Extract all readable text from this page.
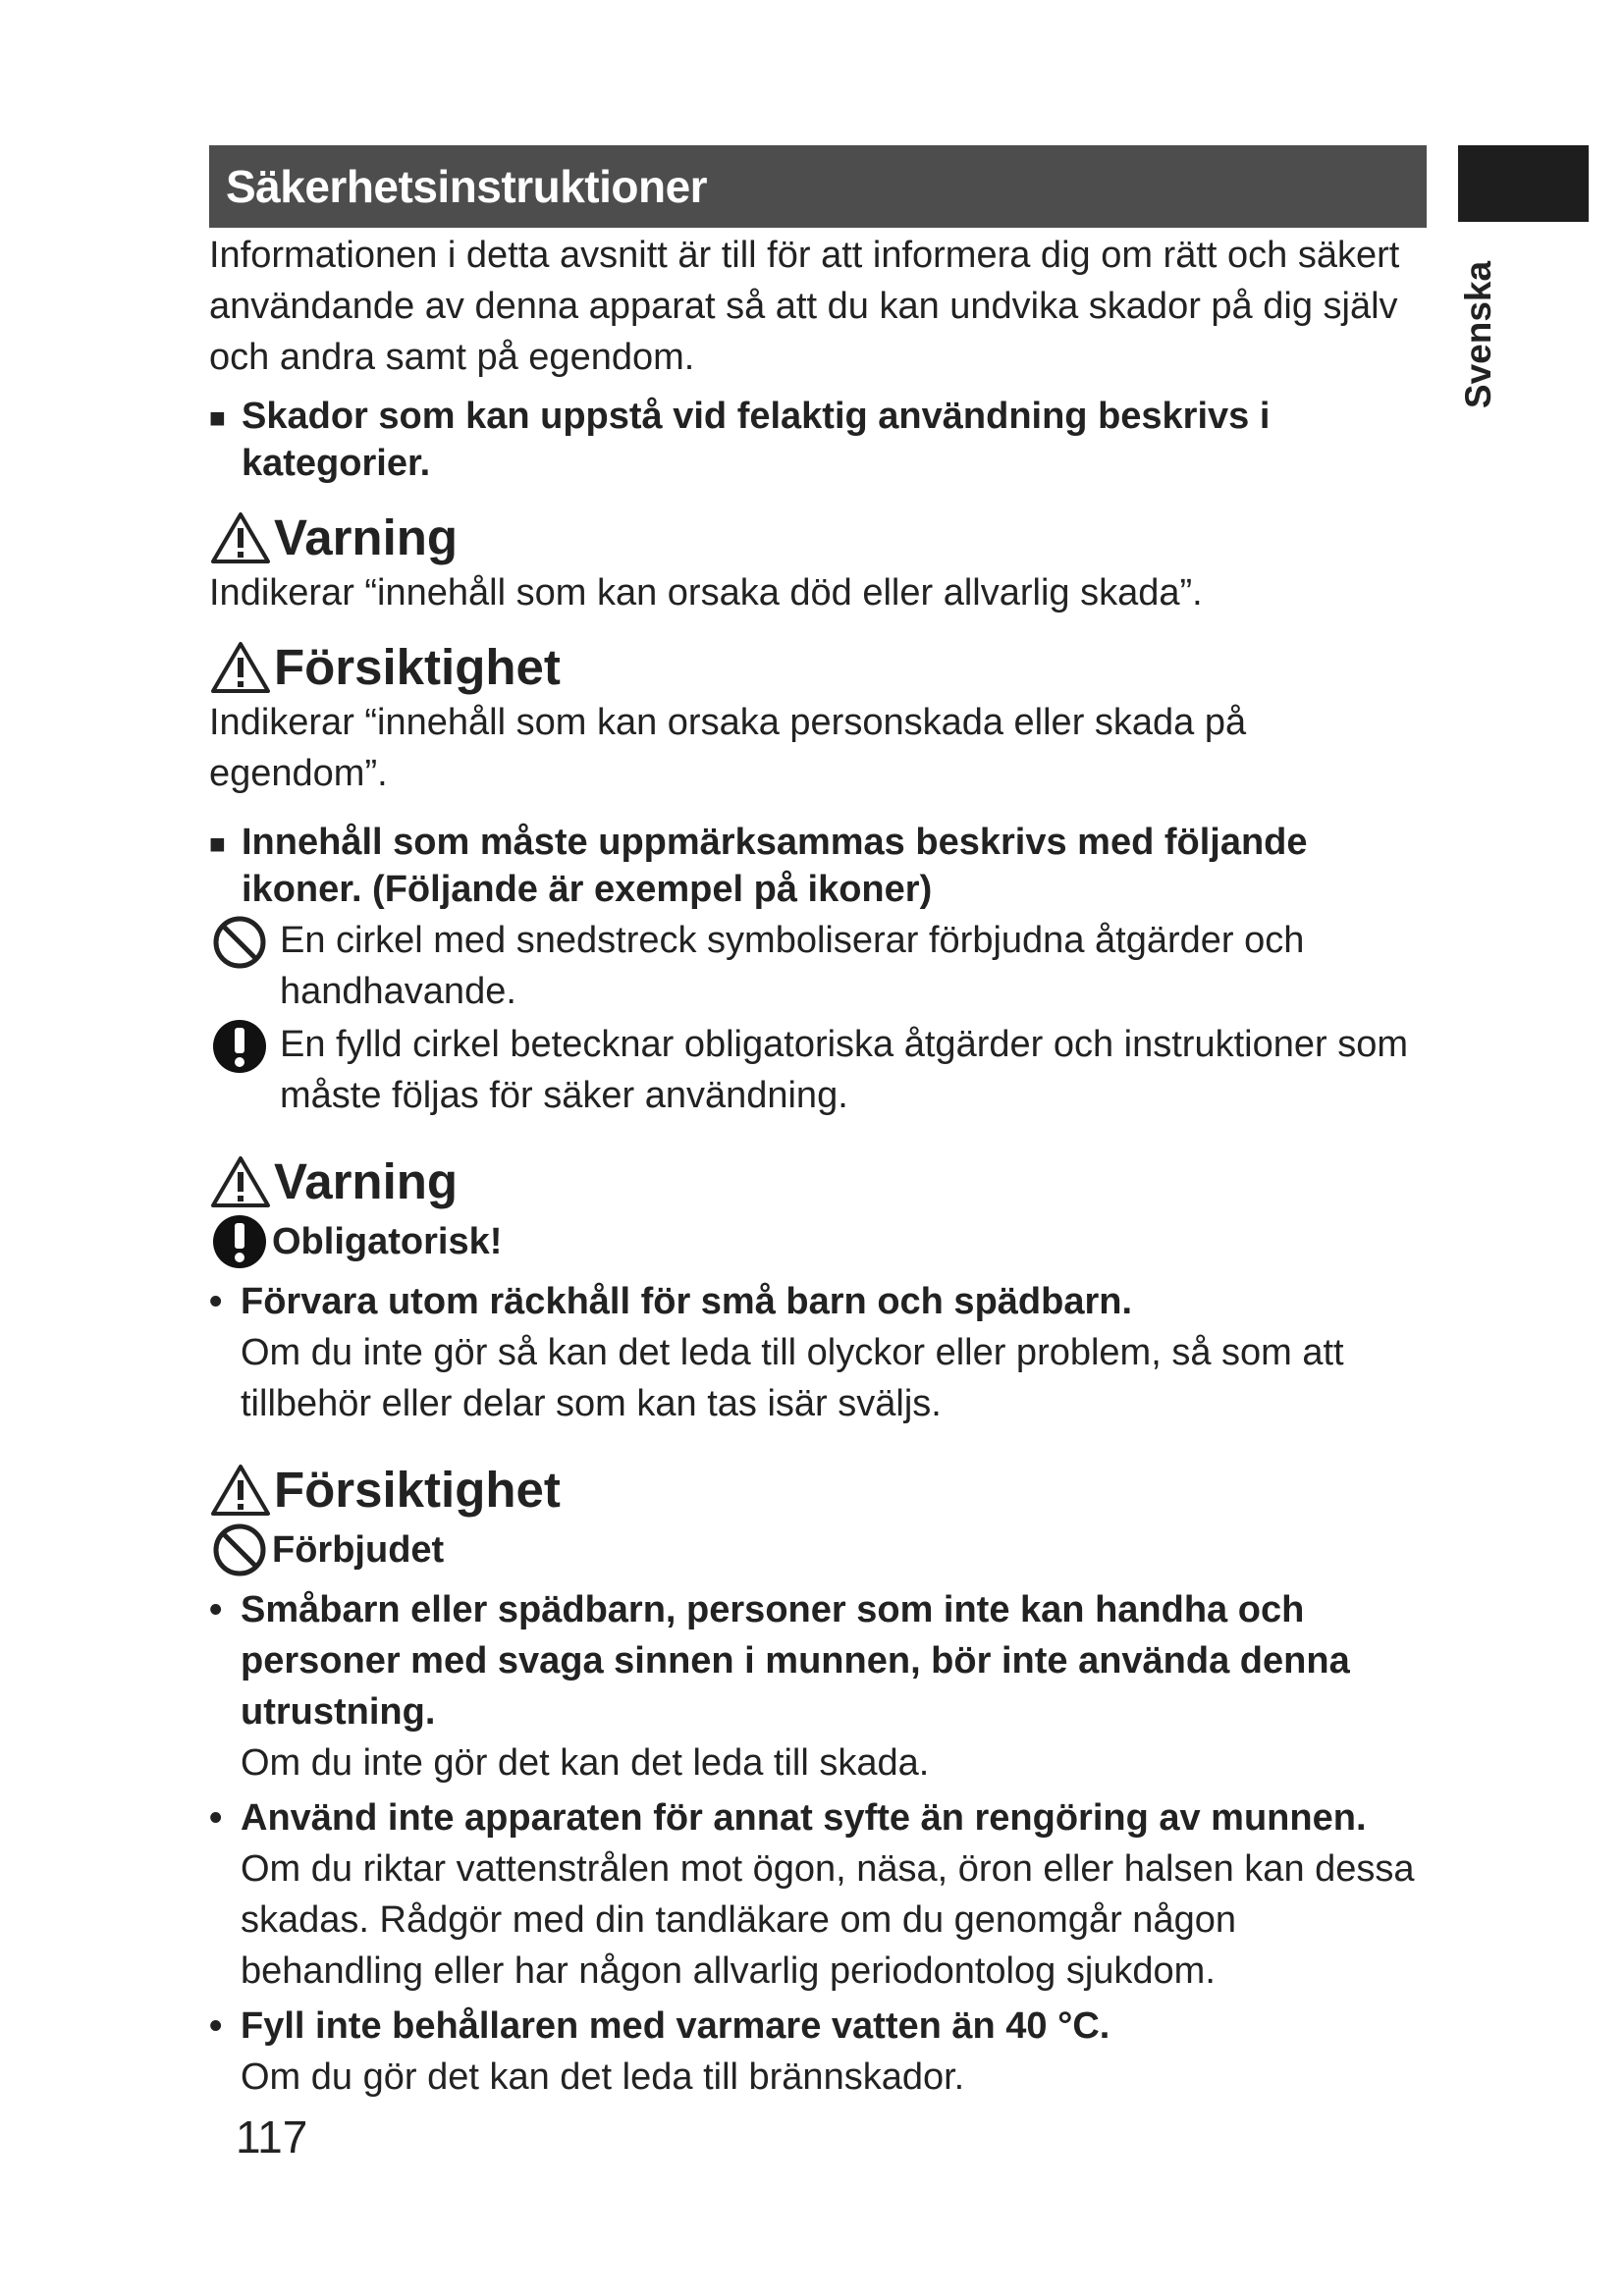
Säkerhetsinstruktioner
Svenska

Informationen i detta avsnitt är till för att informera dig om rätt och säkert användande av denna apparat så att du kan undvika skador på dig själv och andra samt på egendom.

■ Skador som kan uppstå vid felaktig användning beskrivs i kategorier.
Varning

Indikerar “innehåll som kan orsaka död eller allvarlig skada”.

Försiktighet

Indikerar “innehåll som kan orsaka personskada eller skada på egendom”.

■ Innehåll som måste uppmärksammas beskrivs med följande ikoner. (Följande är exempel på ikoner)
En cirkel med snedstreck symboliserar förbjudna åtgärder och handhavande.
En fylld cirkel betecknar obligatoriska åtgärder och instruktioner som måste följas för säker användning.
Varning
Obligatorisk!
• Förvara utom räckhåll för små barn och spädbarn.
Om du inte gör så kan det leda till olyckor eller problem, så som att tillbehör eller delar som kan tas isär sväljs.
Försiktighet
Förbjudet
• Småbarn eller spädbarn, personer som inte kan handha och personer med svaga sinnen i munnen, bör inte använda denna utrustning.
Om du inte gör det kan det leda till skada.
• Använd inte apparaten för annat syfte än rengöring av munnen.
Om du riktar vattenstrålen mot ögon, näsa, öron eller halsen kan dessa skadas. Rådgör med din tandläkare om du genomgår någon behandling eller har någon allvarlig periodontolog sjukdom.
• Fyll inte behållaren med varmare vatten än 40 °C.
Om du gör det kan det leda till brännskador.
117
